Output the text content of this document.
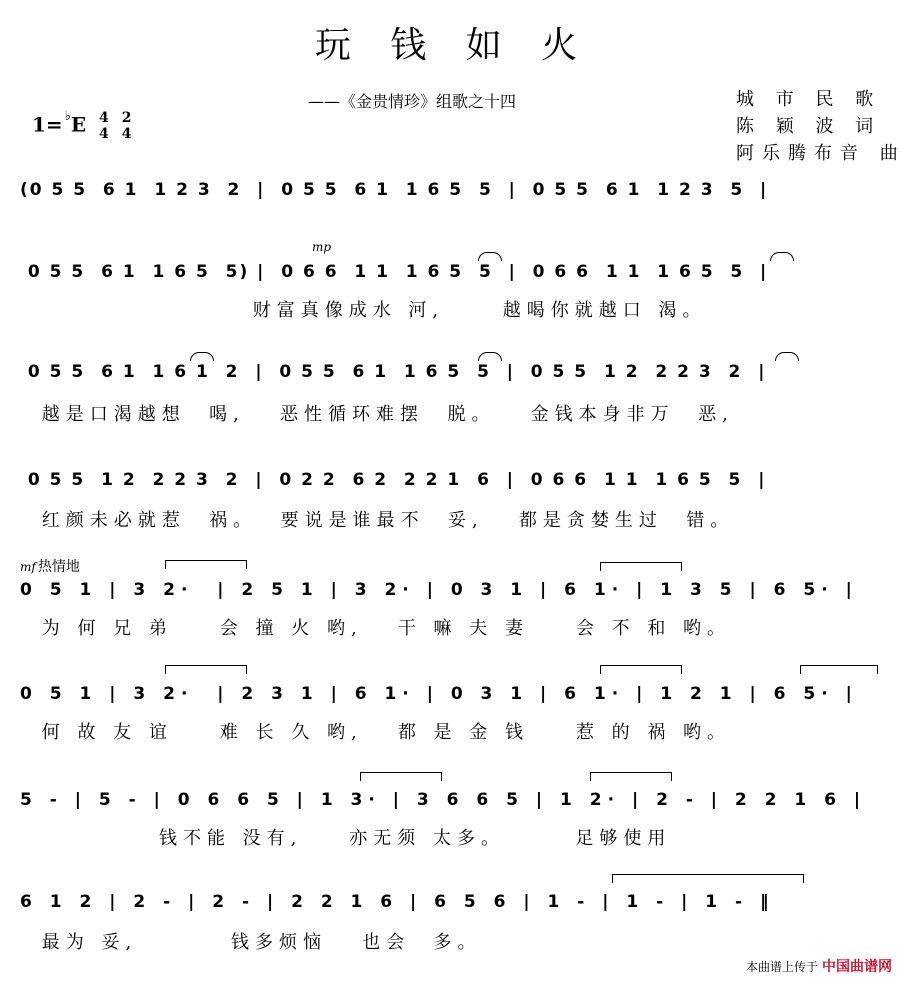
玩 钱 如 火
——《金贵情珍》组歌之十四	城 市 民 歌
陈 颖 波 词
阿乐腾布音 曲
1= ♭E 4
4

2
4
(0 5 5  6 1  1 2 3  2  |  0 5 5  6 1  1 6 5  5  |  0 5 5  6 1  1 2 3  5  |
mp
0 5 5  6 1  1 6 5  5) |  0 6 6  1 1  1 6 5  5  |  0 6 6  1 1  1 6 5  5  |
财富真像成水 河,     越喝你就越口 渴。
0 5 5  6 1  1 6 1  2  |  0 5 5  6 1  1 6 5  5  |  0 5 5  1 2  2 2 3  2  |
越是口渴越想  喝,   恶性循环难摆  脱。   金钱本身非万  恶,
0 5 5  1 2  2 2 3  2  |  0 2 2  6 2  2 2 1  6  |  0 6 6  1 1  1 6 5  5  |
红颜未必就惹  祸。  要说是谁最不  妥,   都是贪婪生过  错。
mf 热情地
0 5 1 | 3 2·  | 2 5 1 | 3 2· | 0 3 1 | 6 1· | 1 3 5 | 6 5· |
为 何 兄 弟    会 撞 火 哟,   干 嘛 夫 妻    会 不 和 哟。
0 5 1 | 3 2·  | 2 3 1 | 6 1· | 0 3 1 | 6 1· | 1 2 1 | 6 5· |
何 故 友 谊    难 长 久 哟,   都 是 金 钱    惹 的 祸 哟。
5 - | 5 - | 0 6 6 5 | 1 3· | 3 6 6 5 | 1 2· | 2 - | 2 2 1 6 |
钱不能 没有,    亦无须 太多。      足够使用
6 1 2 | 2 - | 2 - | 2 2 1 6 | 6 5 6 | 1 - | 1 - | 1 - ‖
最为 妥,        钱多烦恼   也会  多。
本曲谱上传于 中国曲谱网
